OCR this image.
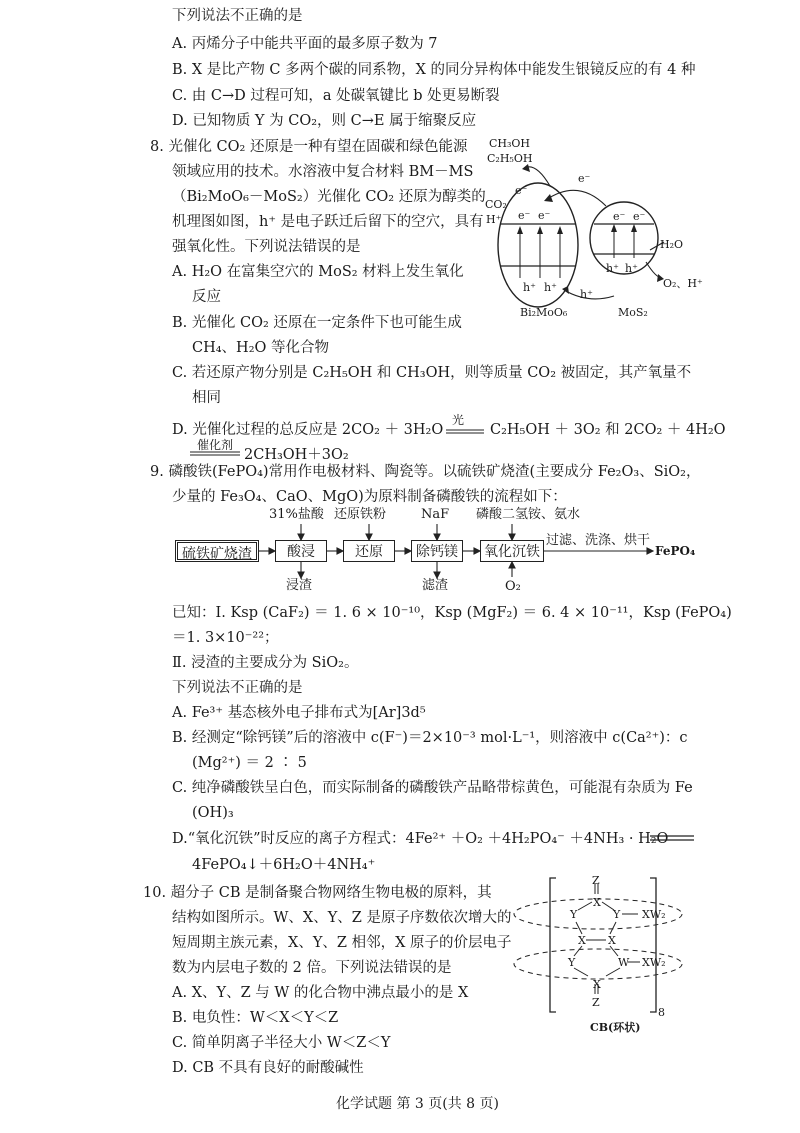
下列说法不正确的是
A. 丙烯分子中能共平面的最多原子数为 7
B. X 是比产物 C 多两个碳的同系物，X 的同分异构体中能发生银镜反应的有 4 种
C. 由 C→D 过程可知，a 处碳氧键比 b 处更易断裂
D. 已知物质 Y 为 CO₂，则 C→E 属于缩聚反应
8. 光催化 CO₂ 还原是一种有望在固碳和绿色能源
领域应用的技术。水溶液中复合材料 BM－MS
（Bi₂MoO₆－MoS₂）光催化 CO₂ 还原为醇类的
机理图如图，h⁺ 是电子跃迁后留下的空穴，具有
强氧化性。下列说法错误的是
A. H₂O 在富集空穴的 MoS₂ 材料上发生氧化
反应
B. 光催化 CO₂ 还原在一定条件下也可能生成
CH₄、H₂O 等化合物
C. 若还原产物分别是 C₂H₅OH 和 CH₃OH，则等质量 CO₂ 被固定，其产氧量不
相同
D. 光催化过程的总反应是 2CO₂ ＋ 3H₂O
光
C₂H₅OH ＋ 3O₂ 和 2CO₂ ＋ 4H₂O
催化剂
2CH₃OH＋3O₂
CH₃OH
C₂H₅OH
CO₂
H⁺
e⁻
e⁻
e⁻ e⁻	e⁻ e⁻
h⁺ h⁺
h⁺ h⁺
h⁺
H₂O
O₂、H⁺
Bi₂MoO₆	MoS₂
9. 磷酸铁(FePO₄)常用作电极材料、陶瓷等。以硫铁矿烧渣(主要成分 Fe₂O₃、SiO₂，
少量的 Fe₃O₄、CaO、MgO)为原料制备磷酸铁的流程如下：
硫铁矿烧渣	酸浸	还原	除钙镁	氧化沉铁
31%盐酸 还原铁粉	NaF 磷酸二氢铵、氨水
浸渣	滤渣	O₂
过滤、洗涤、烘干
FePO₄
已知：Ⅰ. Ksp (CaF₂) ＝ 1. 6 × 10⁻¹⁰，Ksp (MgF₂) ＝ 6. 4 × 10⁻¹¹，Ksp (FePO₄)
＝1. 3×10⁻²²；
Ⅱ. 浸渣的主要成分为 SiO₂。
下列说法不正确的是
A. Fe³⁺ 基态核外电子排布式为[Ar]3d⁵
B. 经测定“除钙镁”后的溶液中 c(F⁻)＝2×10⁻³ mol·L⁻¹，则溶液中 c(Ca²⁺)：c
(Mg²⁺) ＝ 2 ∶ 5
C. 纯净磷酸铁呈白色，而实际制备的磷酸铁产品略带棕黄色，可能混有杂质为 Fe
(OH)₃
D.“氧化沉铁”时反应的离子方程式：4Fe²⁺ ＋O₂ ＋4H₂PO₄⁻ ＋4NH₃ · H₂O
4FePO₄↓＋6H₂O＋4NH₄⁺
10. 超分子 CB 是制备聚合物网络生物电极的原料，其
结构如图所示。W、X、Y、Z 是原子序数依次增大的
短周期主族元素，X、Y、Z 相邻，X 原子的价层电子
数为内层电子数的 2 倍。下列说法错误的是
A. X、Y、Z 与 W 的化合物中沸点最小的是 X
B. 电负性：W＜X＜Y＜Z
C. 简单阴离子半径大小 W＜Z＜Y
D. CB 不具有良好的耐酸碱性
Z
X
Y	Y XW₂
X X
Y	W XW₂
X
Z
8
CB(环状)
化学试题 第 3 页(共 8 页)
